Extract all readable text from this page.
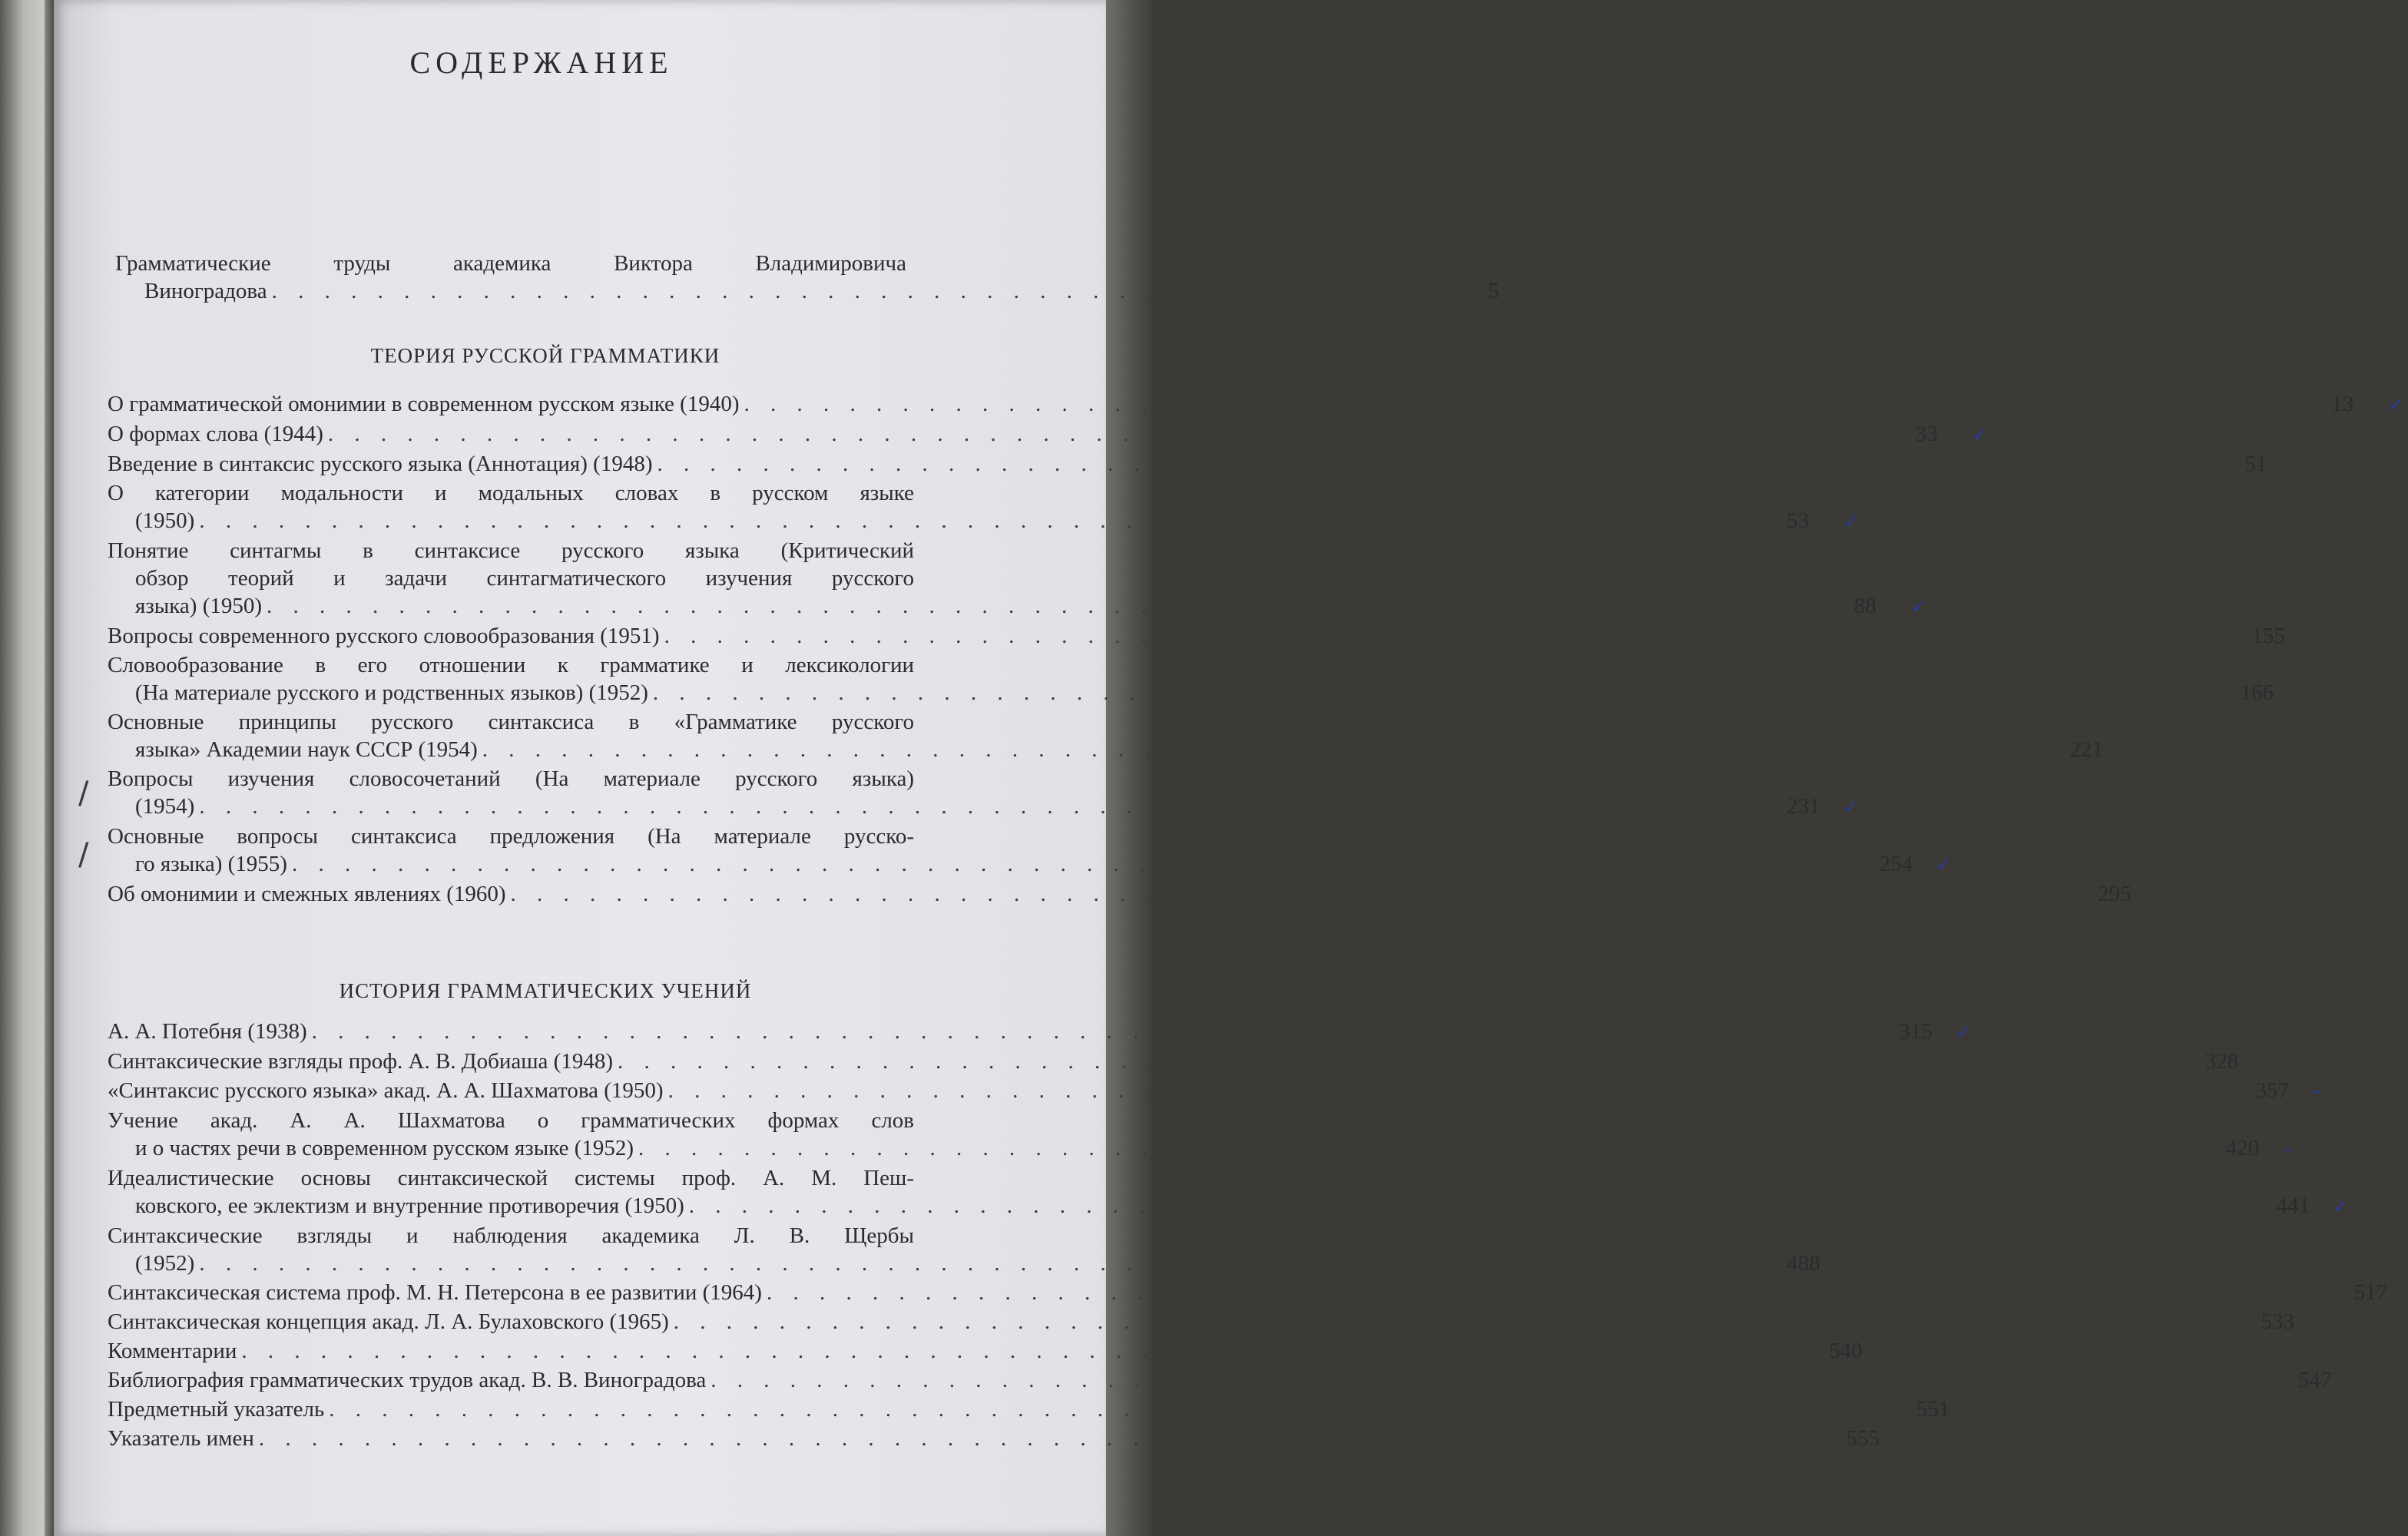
СОДЕРЖАНИЕ
Грамматические	труды	академика	Виктора	Владимировича
Виноградова . . . . . . . . . . . . . . . . . . . . . . . . . . . . . . . . . . . . . . . . . . . . . . 5
ТЕОРИЯ РУССКОЙ ГРАММАТИКИ
О грамматической омонимии в современном русском языке (1940) . . . . . . . . . . . . . . . . . . . . . . . . . . . . . . . . . . . . . . . . . . . . . . . . . . . . . . . . . . . . 13	✓
О формах слова (1944) . . . . . . . . . . . . . . . . . . . . . . . . . . . . . . . . . . . . . . . . . . . . . . . . . . . . . . . . . . . . 33	✓
Введение в синтаксис русского языка (Аннотация) (1948) . . . . . . . . . . . . . . . . . . . . . . . . . . . . . . . . . . . . . . . . . . . . . . . . . . . . . . . . . . . . 51
О категории модальности и модальных словах в русском языке
(1950) . . . . . . . . . . . . . . . . . . . . . . . . . . . . . . . . . . . . . . . . . . . . . . . . . . . . . . . . . . . . 53	✓
Понятие синтагмы в синтаксисе русского языка (Критический
обзор теорий и задачи синтагматического изучения русского
языка) (1950) . . . . . . . . . . . . . . . . . . . . . . . . . . . . . . . . . . . . . . . . . . . . . . . . . . . . . . . . . . . . 88	✓
Вопросы современного русского словообразования (1951) . . . . . . . . . . . . . . . . . . . . . . . . . . . . . . . . . . . . . . . . . . . . . . . . . . . . . . . . . . . . 155
Словообразование в его отношении к грамматике и лексикологии
(На материале русского и родственных языков) (1952) . . . . . . . . . . . . . . . . . . . . . . . . . . . . . . . . . . . . . . . . . . . . . . . . . . . . . . . . . . . . 166
Основные принципы русского синтаксиса в «Грамматике русского
языка» Академии наук СССР (1954) . . . . . . . . . . . . . . . . . . . . . . . . . . . . . . . . . . . . . . . . . . . . . . . . . . . . . . . . . . . . 221
Вопросы изучения словосочетаний (На материале русского языка)
(1954) . . . . . . . . . . . . . . . . . . . . . . . . . . . . . . . . . . . . . . . . . . . . . . . . . . . . . . . . . . . . 231	✓
Основные вопросы синтаксиса предложения (На материале русско-
го языка) (1955) . . . . . . . . . . . . . . . . . . . . . . . . . . . . . . . . . . . . . . . . . . . . . . . . . . . . . . . . . . . . 254	✓
Об омонимии и смежных явлениях (1960) . . . . . . . . . . . . . . . . . . . . . . . . . . . . . . . . . . . . . . . . . . . . . . . . . . . . . . . . . . . . 295
ИСТОРИЯ ГРАММАТИЧЕСКИХ УЧЕНИЙ
А. А. Потебня (1938) . . . . . . . . . . . . . . . . . . . . . . . . . . . . . . . . . . . . . . . . . . . . . . . . . . . . . . . . . . . . 315	✓
Синтаксические взгляды проф. А. В. Добиаша (1948) . . . . . . . . . . . . . . . . . . . . . . . . . . . . . . . . . . . . . . . . . . . . . . . . . . . . . . . . . . . . 328
«Синтаксис русского языка» акад. А. А. Шахматова (1950) . . . . . . . . . . . . . . . . . . . . . . . . . . . . . . . . . . . . . . . . . . . . . . . . . . . . . . . . . . . . 357	–
Учение акад. А. А. Шахматова о грамматических формах слов
и о частях речи в современном русском языке (1952) . . . . . . . . . . . . . . . . . . . . . . . . . . . . . . . . . . . . . . . . . . . . . . . . . . . . . . . . . . . . 420	–
Идеалистические основы синтаксической системы проф. А. М. Пеш-
ковского, ее эклектизм и внутренние противоречия (1950) . . . . . . . . . . . . . . . . . . . . . . . . . . . . . . . . . . . . . . . . . . . . . . . . . . . . . . . . . . . . 441	✓
Синтаксические взгляды и наблюдения академика Л. В. Щербы
(1952) . . . . . . . . . . . . . . . . . . . . . . . . . . . . . . . . . . . . . . . . . . . . . . . . . . . . . . . . . . . . 488
Синтаксическая система проф. М. Н. Петерсона в ее развитии (1964) . . . . . . . . . . . . . . . . . . . . . . . . . . . . . . . . . . . . . . . . . . . . . . . . . . . . . . . . . . . . 517
Синтаксическая концепция акад. Л. А. Булаховского (1965) . . . . . . . . . . . . . . . . . . . . . . . . . . . . . . . . . . . . . . . . . . . . . . . . . . . . . . . . . . . . 533
Комментарии . . . . . . . . . . . . . . . . . . . . . . . . . . . . . . . . . . . . . . . . . . . . . . . . . . . . . . . . . . . . 540
Библиография грамматических трудов акад. В. В. Виноградова . . . . . . . . . . . . . . . . . . . . . . . . . . . . . . . . . . . . . . . . . . . . . . . . . . . . . . . . . . . . 547
Предметный указатель . . . . . . . . . . . . . . . . . . . . . . . . . . . . . . . . . . . . . . . . . . . . . . . . . . . . . . . . . . . . 551
Указатель имен . . . . . . . . . . . . . . . . . . . . . . . . . . . . . . . . . . . . . . . . . . . . . . . . . . . . . . . . . . . . 555
/
/
